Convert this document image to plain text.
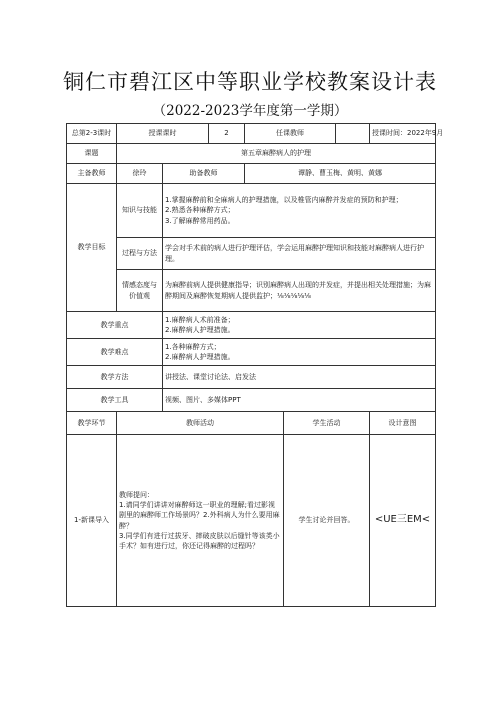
铜仁市碧江区中等职业学校教案设计表
（2022-2023学年度第一学期）
总第2-3课时	授课课时		2	任课教师			授课时间：2022年9月
课题	第五章麻醉病人的护理						
主备教师	徐玲	助备教师		谭静、曹玉梅、黄明、黄娜			
教学目标	知识与技能	1.掌握麻醉前和全麻病人的护理措施，以及椎管内麻醉并发症的预防和护理；
2.熟悉各种麻醉方式；
3.了解麻醉常用药品。					

	过程与方法	学会对手术前的病人进行护理评估，学会运用麻醉护理知识和技能对麻醉病人进行护理。					
	情感态度与价值观	为麻醉前病人提供健康指导；识别麻醉病人出现的并发症，并提出相关处理措施；为麻醉期间及麻醉恢复期病人提供监护；⅛⅛⅛⅛⅛					
教学重点		1.麻醉病人术前准备；
2.麻醉病人护理措施。					

教学难点		1.各种麻醉方式；
2.麻醉病人护理措施。					

教学方法		讲授法、课堂讨论法、启发法					
教学工具		视频、图片、多媒体PPT					
教学环节	教师活动				学生活动		设计意图
1-新课导入	教师提问：
1.请同学们讲讲对麻醉师这一职业的理解;看过影视剧里的麻醉师工作场景吗？2.外科病人为什么要用麻醉？
3.同学们有进行过拔牙、摔破皮肤以后缝针等该类小手术？如有进行过，你还记得麻醉的过程吗？				学生讨论并回答。		<UE三EM<
